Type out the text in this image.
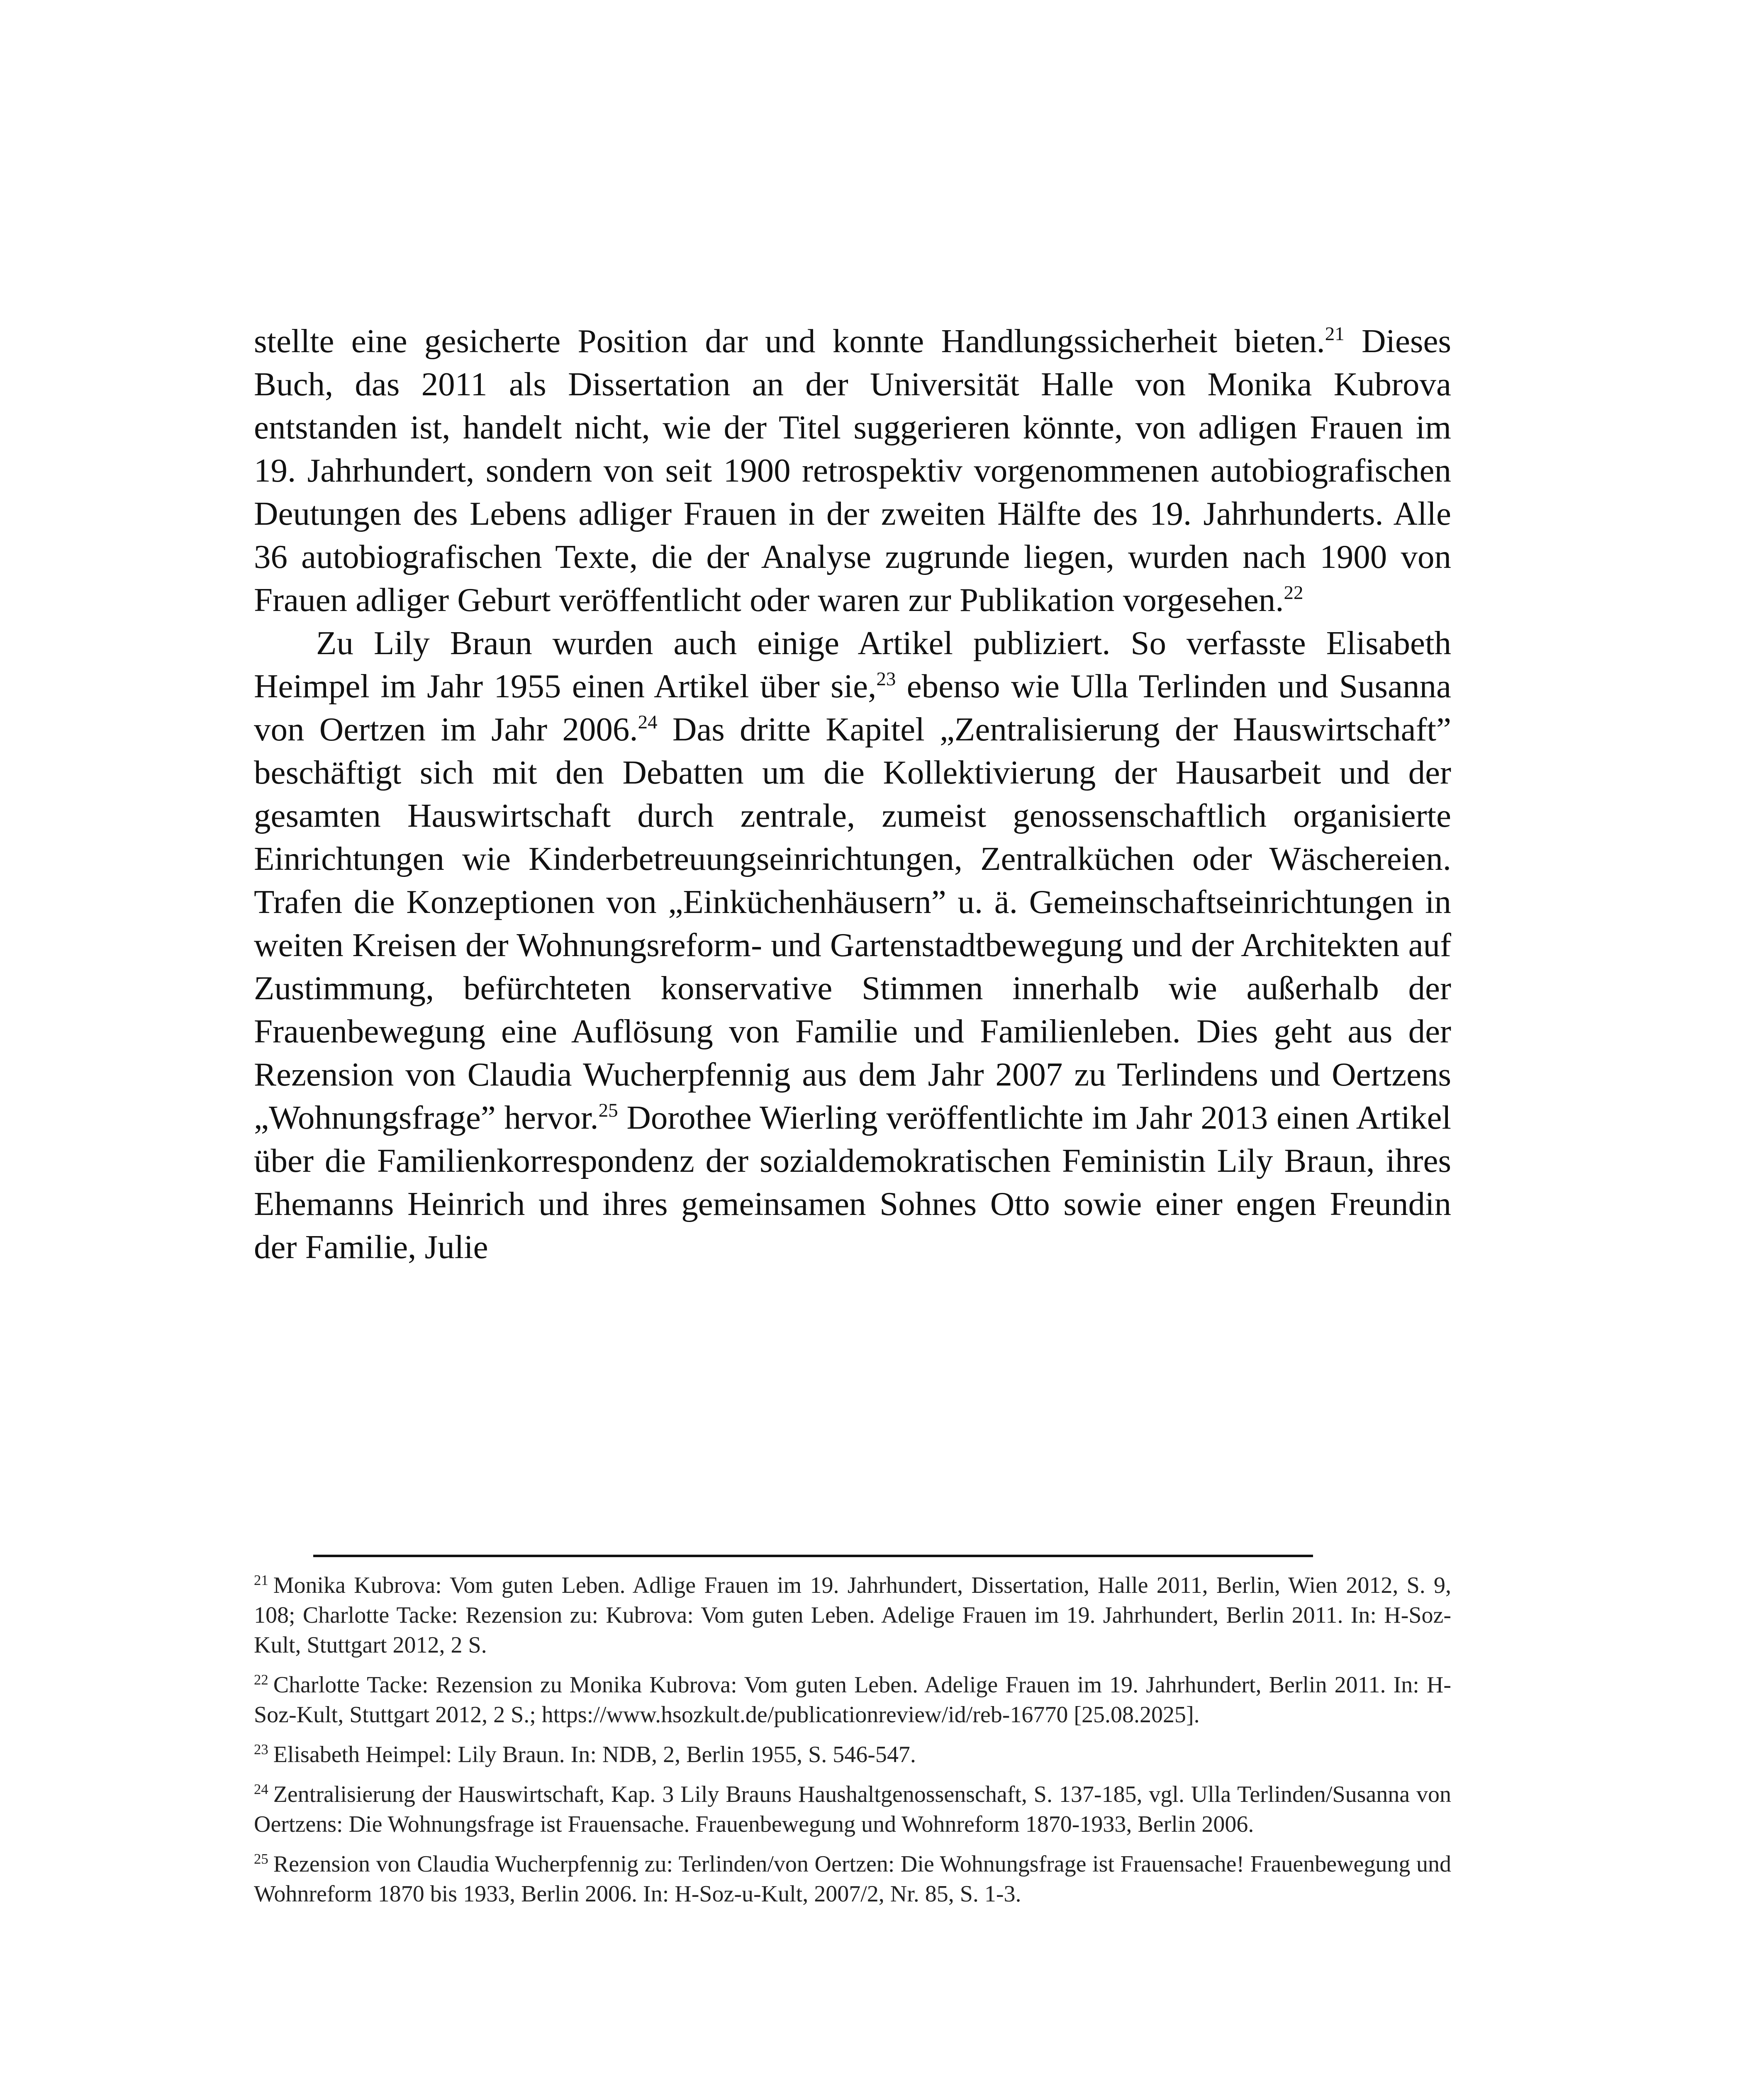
stellte eine gesicherte Position dar und konnte Handlungssicherheit bieten.$^{21}$ Dieses Buch, das 2011 als Dissertation an der Universität Halle von Monika Kubrova entstanden ist, handelt nicht, wie der Titel suggerieren könnte, von adligen Frauen im 19. Jahrhundert, sondern von seit 1900 retrospektiv vorgenommenen autobiografischen Deutungen des Lebens adliger Frauen in der zweiten Hälfte des 19. Jahrhunderts. Alle 36 autobiografischen Texte, die der Analyse zugrunde liegen, wurden nach 1900 von Frauen adliger Geburt veröffentlicht oder waren zur Publikation vorgesehen.$^{22}$

Zu Lily Braun wurden auch einige Artikel publiziert. So verfasste Elisabeth Heimpel im Jahr 1955 einen Artikel über sie,$^{23}$ ebenso wie Ulla Terlinden und Susanna von Oertzen im Jahr 2006.24 Das dritte Kapitel „Zentralisierung der Hauswirtschaft” beschäftigt sich mit den Debatten um die Kollektivierung der Hausarbeit und der gesamten Hauswirtschaft durch zentrale, zumeist genossenschaftlich organisierte Einrichtungen wie Kinderbetreuungseinrichtungen, Zentralküchen oder Wäschereien. Trafen die Konzeptionen von „Einküchenhäusern” u. ä. Gemeinschaftseinrichtungen in weiten Kreisen der Wohnungsreform- und Gartenstadtbewegung und der Architekten auf Zustimmung, befürchteten konservative Stimmen innerhalb wie außerhalb der Frauenbewegung eine Auflösung von Familie und Familienleben. Dies geht aus der Rezension von Claudia Wucherpfennig aus dem Jahr 2007 zu Terlindens und Oertzens „Wohnungsfrage” hervor.$^{25}$ Dorothee Wierling veröffentlichte im Jahr 2013 einen Artikel über die Familienkorrespondenz der sozialdemokratischen Feministin Lily Braun, ihres Ehemanns Heinrich und ihres gemeinsamen Sohnes Otto sowie einer engen Freundin der Familie, Julie

$^{21}$ Monika Kubrova: Vom guten Leben. Adlige Frauen im 19. Jahrhundert, Dissertation, Halle 2011, Berlin, Wien 2012, S. 9, 108; Charlotte Tacke: Rezension zu: Kubrova: Vom guten Leben. Adelige Frauen im 19. Jahrhundert, Berlin 2011. In: H-Soz-Kult, Stuttgart 2012, 2 S.

$^{22}$ Charlotte Tacke: Rezension zu Monika Kubrova: Vom guten Leben. Adelige Frauen im 19. Jahrhundert, Berlin 2011. In: H-Soz-Kult, Stuttgart 2012, 2 S.; https://www.hsozkult.de/publicationreview/id/reb-16770 [25.08.2025].

$^{23}$ Elisabeth Heimpel: Lily Braun. In: NDB, 2, Berlin 1955, S. 546-547.

$^{24}$ Zentralisierung der Hauswirtschaft, Kap. 3 Lily Brauns Haushaltgenossenschaft, S. 137-185, vgl. Ulla Terlinden/Susanna von Oertzens: Die Wohnungsfrage ist Frauensache. Frauenbewegung und Wohnreform 1870-1933, Berlin 2006.

$^{25}$ Rezension von Claudia Wucherpfennig zu: Terlinden/von Oertzen: Die Wohnungsfrage ist Frauensache! Frauenbewegung und Wohnreform 1870 bis 1933, Berlin 2006. In: H-Soz-u-Kult, 2007/2, Nr. 85, S. 1-3.
